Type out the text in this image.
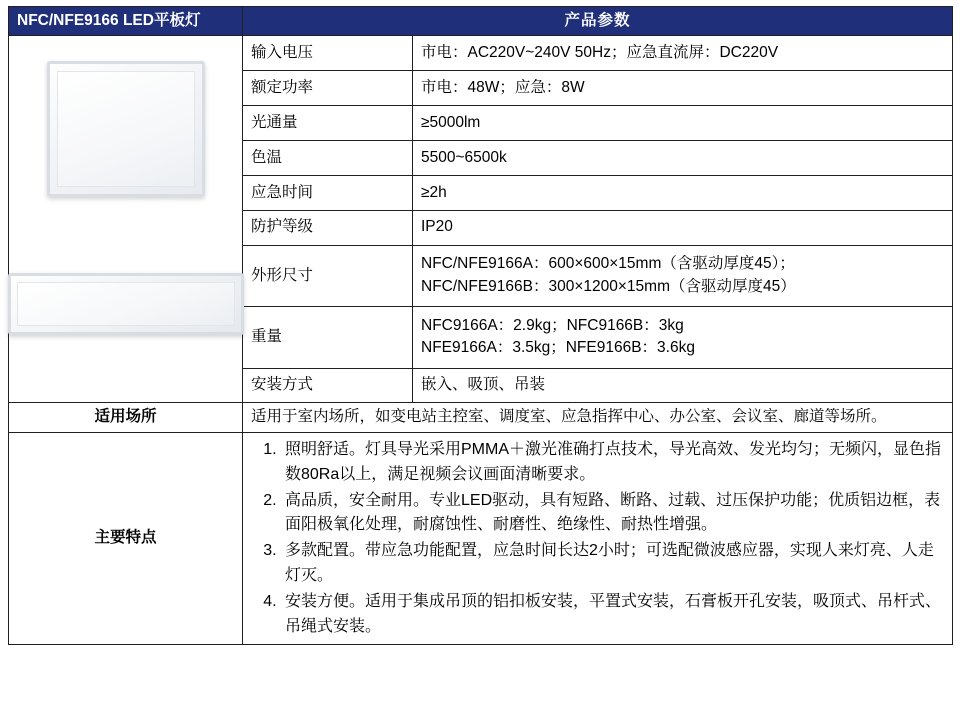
NFC/NFE9166 LED平板灯	产品参数	

	输入电压	市电：AC220V~240V 50Hz；应急直流屏：DC220V

	额定功率	市电：48W；应急：8W

	光通量	≥5000lm

	色温	5500~6500k

	应急时间	≥2h

	防护等级	IP20

	外形尺寸	NFC/NFE9166A：600×600×15mm（含驱动厚度45）；
NFC/NFE9166B：300×1200×15mm（含驱动厚度45）

	重量	NFC9166A：2.9kg；NFC9166B：3kg
NFE9166A：3.5kg；NFE9166B：3.6kg

	安装方式	嵌入、吸顶、吊装

适用场所	适用于室内场所，如变电站主控室、调度室、应急指挥中心、办公室、会议室、廊道等场所。	
主要特点	
1. 照明舒适。灯具导光采用PMMA＋激光准确打点技术，导光高效、发光均匀；无频闪，显色指数80Ra以上，满足视频会议画面清晰要求。
2. 高品质，安全耐用。专业LED驱动，具有短路、断路、过载、过压保护功能；优质铝边框，表面阳极氧化处理，耐腐蚀性、耐磨性、绝缘性、耐热性增强。
3. 多款配置。带应急功能配置，应急时间长达2小时；可选配微波感应器，实现人来灯亮、人走灯灭。
4. 安装方便。适用于集成吊顶的铝扣板安装，平置式安装，石膏板开孔安装，吸顶式、吊杆式、吊绳式安装。
